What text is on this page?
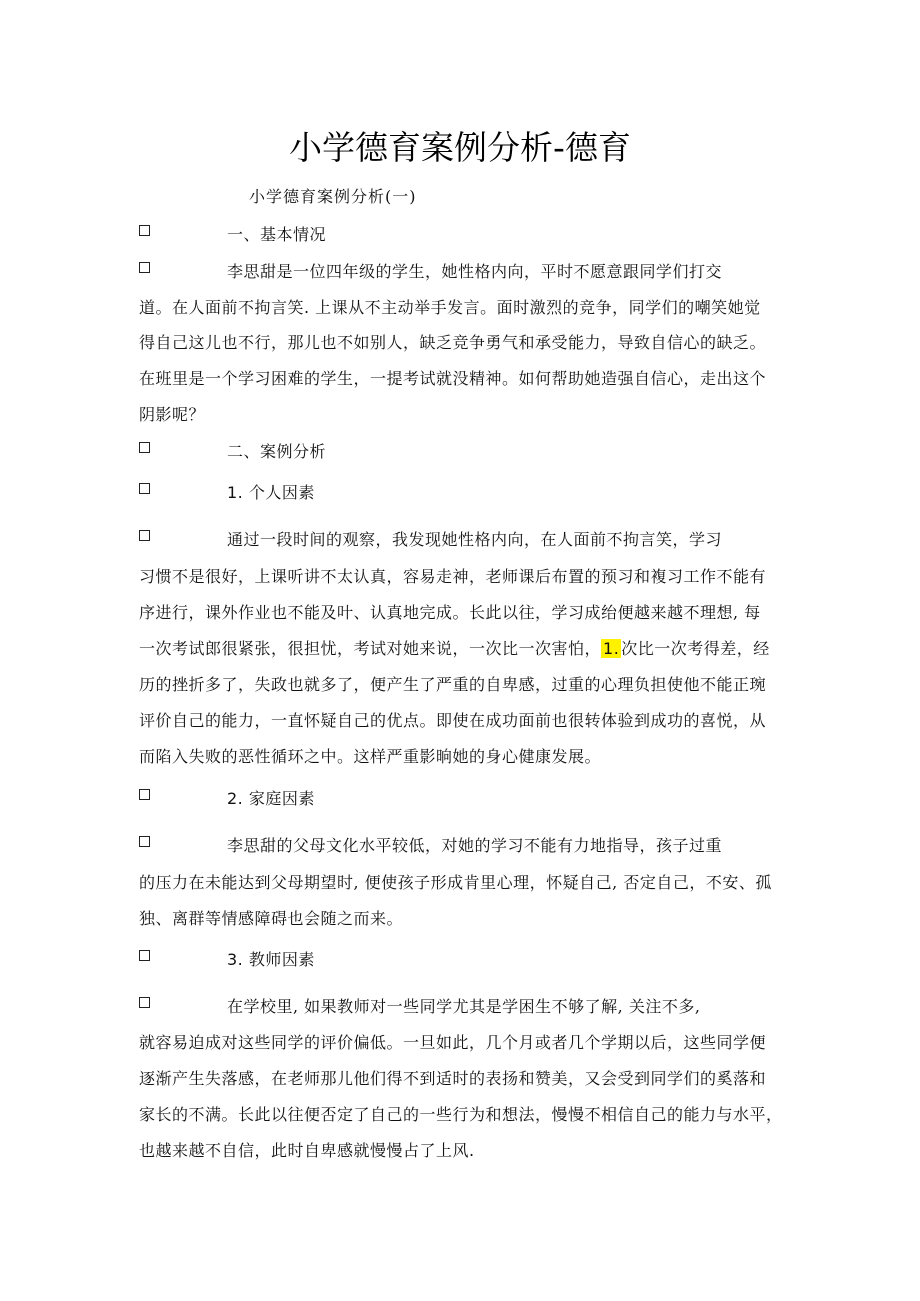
小学德育案例分析-德育
小学德育案例分析(一)
一、基本情况
李思甜是一位四年级的学生，她性格内向，平时不愿意跟同学们打交
道。在人面前不拘言笑. 上课从不主动举手发言。面时激烈的竞争，同学们的嘲笑她觉
得自己这儿也不行，那儿也不如别人，缺乏竞争勇气和承受能力，导致自信心的缺乏。
在班里是一个学习困难的学生，一提考试就没精神。如何帮助她造强自信心，走出这个
阴影呢？
二、案例分析
1. 个人因素
通过一段时间的观察，我发现她性格内向，在人面前不拘言笑，学习
习惯不是很好，上课听讲不太认真，容易走神，老师课后布置的预习和複习工作不能有
序进行，课外作业也不能及叶、认真地完成。长此以往，学习成绐便越来越不理想, 每
一次考试郎很紧张，很担忧，考试对她来说，一次比一次害怕， 1. 次比一次考得差，经
历的挫折多了，失政也就多了，便产生了严重的自卑感，过重的心理负担使他不能正琬
评价自己的能力，一直怀疑自己的优点。即使在成功面前也很转体验到成功的喜悦，从
而陷入失败的恶性循环之中。这样严重影晌她的身心健康发展。
2. 家庭因素
李思甜的父母文化水平较低，对她的学习不能有力地指导，孩子过重
的压力在未能达到父母期望时, 便使孩子形成肯里心理，怀疑自己, 否定自己，不安、孤
独、离群等情感障碍也会随之而来。
3. 教师因素
在学校里, 如果教师对一些同学尤其是学困生不够了解, 关注不多,
就容易迫成对这些同学的评价偏低。一旦如此，几个月或者几个学期以后，这些同学便
逐渐产生失落感，在老师那儿他们得不到适时的表扬和赞美，又会受到同学们的奚落和
家长的不满。长此以往便否定了自己的一些行为和想法，慢慢不相信自己的能力与水平，
也越来越不自信，此时自卑感就慢慢占了上风.
